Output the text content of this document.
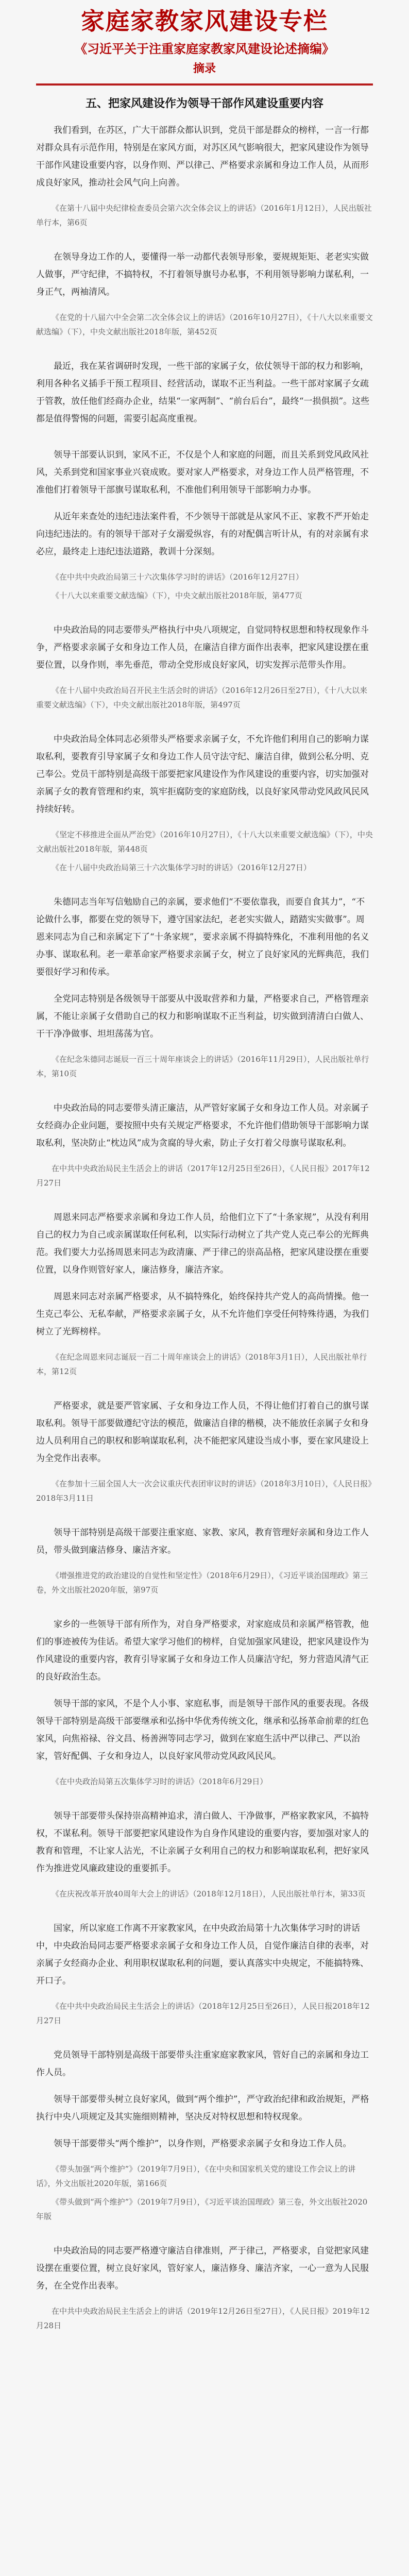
家庭家教家风建设专栏
《习近平关于注重家庭家教家风建设论述摘编》
摘录
五、把家风建设作为领导干部作风建设重要内容

我们看到，在苏区，广大干部群众都认识到，党员干部是群众的榜样，一言一行都对群众具有示范作用，特别是在家风方面，对苏区风气影响很大，把家风建设作为领导干部作风建设重要内容，以身作则、严以律己、严格要求亲属和身边工作人员，从而形成良好家风，推动社会风气向上向善。

《在第十八届中央纪律检查委员会第六次全体会议上的讲话》（2016年1月12日），人民出版社单行本，第6页

在领导身边工作的人，要懂得一举一动都代表领导形象，要规规矩矩、老老实实做人做事，严守纪律，不搞特权，不打着领导旗号办私事，不利用领导影响力谋私利，一身正气，两袖清风。

《在党的十八届六中全会第二次全体会议上的讲话》（2016年10月27日），《十八大以来重要文献选编》（下），中央文献出版社2018年版，第452页

最近，我在某省调研时发现，一些干部的家属子女，依仗领导干部的权力和影响，利用各种名义插手干预工程项目、经营活动，谋取不正当利益。一些干部对家属子女疏于管教，放任他们经商办企业，结果“一家两制”、“前台后台”，最终“一损俱损”。这些都是值得警惕的问题，需要引起高度重视。

领导干部要认识到，家风不正，不仅是个人和家庭的问题，而且关系到党风政风社风，关系到党和国家事业兴衰成败。要对家人严格要求，对身边工作人员严格管理，不准他们打着领导干部旗号谋取私利，不准他们利用领导干部影响力办事。

从近年来查处的违纪违法案件看，不少领导干部就是从家风不正、家教不严开始走向违纪违法的。有的领导干部对子女溺爱纵容，有的对配偶言听计从，有的对亲属有求必应，最终走上违纪违法道路，教训十分深刻。

《在中共中央政治局第三十六次集体学习时的讲话》（2016年12月27日）

《十八大以来重要文献选编》（下），中央文献出版社2018年版，第477页

中央政治局的同志要带头严格执行中央八项规定，自觉同特权思想和特权现象作斗争，严格要求亲属子女和身边工作人员，在廉洁自律方面作出表率，把家风建设摆在重要位置，以身作则，率先垂范，带动全党形成良好家风，切实发挥示范带头作用。

《在十八届中央政治局召开民主生活会时的讲话》（2016年12月26日至27日），《十八大以来重要文献选编》（下），中央文献出版社2018年版，第497页

中央政治局全体同志必须带头严格要求亲属子女，不允许他们利用自己的影响力谋取私利，要教育引导家属子女和身边工作人员守法守纪、廉洁自律，做到公私分明、克己奉公。党员干部特别是高级干部要把家风建设作为作风建设的重要内容，切实加强对亲属子女的教育管理和约束，筑牢拒腐防变的家庭防线，以良好家风带动党风政风民风持续好转。

《坚定不移推进全面从严治党》（2016年10月27日），《十八大以来重要文献选编》（下），中央文献出版社2018年版，第448页

《在十八届中央政治局第三十六次集体学习时的讲话》（2016年12月27日）

朱德同志当年写信勉励自己的亲属，要求他们“不要依靠我，而要自食其力”，“不论做什么事，都要在党的领导下，遵守国家法纪，老老实实做人，踏踏实实做事”。周恩来同志为自己和亲属定下了“十条家规”，要求亲属不得搞特殊化，不准利用他的名义办事、谋取私利。老一辈革命家严格要求亲属子女，树立了良好家风的光辉典范，我们要很好学习和传承。

全党同志特别是各级领导干部要从中汲取营养和力量，严格要求自己，严格管理亲属，不能让亲属子女借助自己的权力和影响谋取不正当利益，切实做到清清白白做人、干干净净做事、坦坦荡荡为官。

《在纪念朱德同志诞辰一百三十周年座谈会上的讲话》（2016年11月29日），人民出版社单行本，第10页

中央政治局的同志要带头清正廉洁，从严管好家属子女和身边工作人员。对亲属子女经商办企业问题，要按照中央有关规定严格要求，不允许他们借助领导干部影响力谋取私利，坚决防止“枕边风”成为贪腐的导火索，防止子女打着父母旗号谋取私利。

在中共中央政治局民主生活会上的讲话（2017年12月25日至26日），《人民日报》2017年12月27日

周恩来同志严格要求亲属和身边工作人员，给他们立下了“十条家规”，从没有利用自己的权力为自己或亲属谋取任何私利，以实际行动树立了共产党人克己奉公的光辉典范。我们要大力弘扬周恩来同志为政清廉、严于律己的崇高品格，把家风建设摆在重要位置，以身作则管好家人，廉洁修身，廉洁齐家。

周恩来同志对亲属严格要求，从不搞特殊化，始终保持共产党人的高尚情操。他一生克己奉公、无私奉献，严格要求亲属子女，从不允许他们享受任何特殊待遇，为我们树立了光辉榜样。

《在纪念周恩来同志诞辰一百二十周年座谈会上的讲话》（2018年3月1日），人民出版社单行本，第12页

严格要求，就是要严管家属、子女和身边工作人员，不得让他们打着自己的旗号谋取私利。领导干部要做遵纪守法的模范，做廉洁自律的楷模，决不能放任亲属子女和身边人员利用自己的职权和影响谋取私利，决不能把家风建设当成小事，要在家风建设上为全党作出表率。

《在参加十三届全国人大一次会议重庆代表团审议时的讲话》（2018年3月10日），《人民日报》2018年3月11日

领导干部特别是高级干部要注重家庭、家教、家风，教育管理好亲属和身边工作人员，带头做到廉洁修身、廉洁齐家。

《增强推进党的政治建设的自觉性和坚定性》（2018年6月29日），《习近平谈治国理政》第三卷，外文出版社2020年版，第97页

家乡的一些领导干部有所作为，对自身严格要求，对家庭成员和亲属严格管教，他们的事迹被传为佳话。希望大家学习他们的榜样，自觉加强家风建设，把家风建设作为作风建设的重要内容，教育引导家属子女和身边工作人员廉洁守纪，努力营造风清气正的良好政治生态。

领导干部的家风，不是个人小事、家庭私事，而是领导干部作风的重要表现。各级领导干部特别是高级干部要继承和弘扬中华优秀传统文化，继承和弘扬革命前辈的红色家风，向焦裕禄、谷文昌、杨善洲等同志学习，做到在家庭生活中严以律己、严以治家，管好配偶、子女和身边人，以良好家风带动党风政风民风。

《在中央政治局第五次集体学习时的讲话》（2018年6月29日）

领导干部要带头保持崇高精神追求，清白做人、干净做事，严格家教家风，不搞特权，不谋私利。领导干部要把家风建设作为自身作风建设的重要内容，要加强对家人的教育和管理，不让家人沾光，不让亲属子女利用自己的权力和影响谋取私利，把好家风作为推进党风廉政建设的重要抓手。

《在庆祝改革开放40周年大会上的讲话》（2018年12月18日），人民出版社单行本，第33页

国家，所以家庭工作离不开家教家风，在中央政治局第十九次集体学习时的讲话中，中央政治局同志要严格要求亲属子女和身边工作人员，自觉作廉洁自律的表率，对亲属子女经商办企业、利用职权谋取私利的问题，要认真落实中央规定，不能搞特殊、开口子。

《在中共中央政治局民主生活会上的讲话》（2018年12月25日至26日），人民日报2018年12月27日

党员领导干部特别是高级干部要带头注重家庭家教家风，管好自己的亲属和身边工作人员。

领导干部要带头树立良好家风，做到“两个维护”，严守政治纪律和政治规矩，严格执行中央八项规定及其实施细则精神，坚决反对特权思想和特权现象。

领导干部要带头“两个维护”，以身作则，严格要求亲属子女和身边工作人员。

《带头加强“两个维护”》（2019年7月9日），《在中央和国家机关党的建设工作会议上的讲话》，外文出版社2020年版，第166页

《带头做到“两个维护”》（2019年7月9日），《习近平谈治国理政》第三卷，外文出版社2020年版

中央政治局的同志要严格遵守廉洁自律准则，严于律己，严格要求，自觉把家风建设摆在重要位置，树立良好家风，管好家人，廉洁修身、廉洁齐家，一心一意为人民服务，在全党作出表率。

在中共中央政治局民主生活会上的讲话（2019年12月26日至27日），《人民日报》2019年12月28日
